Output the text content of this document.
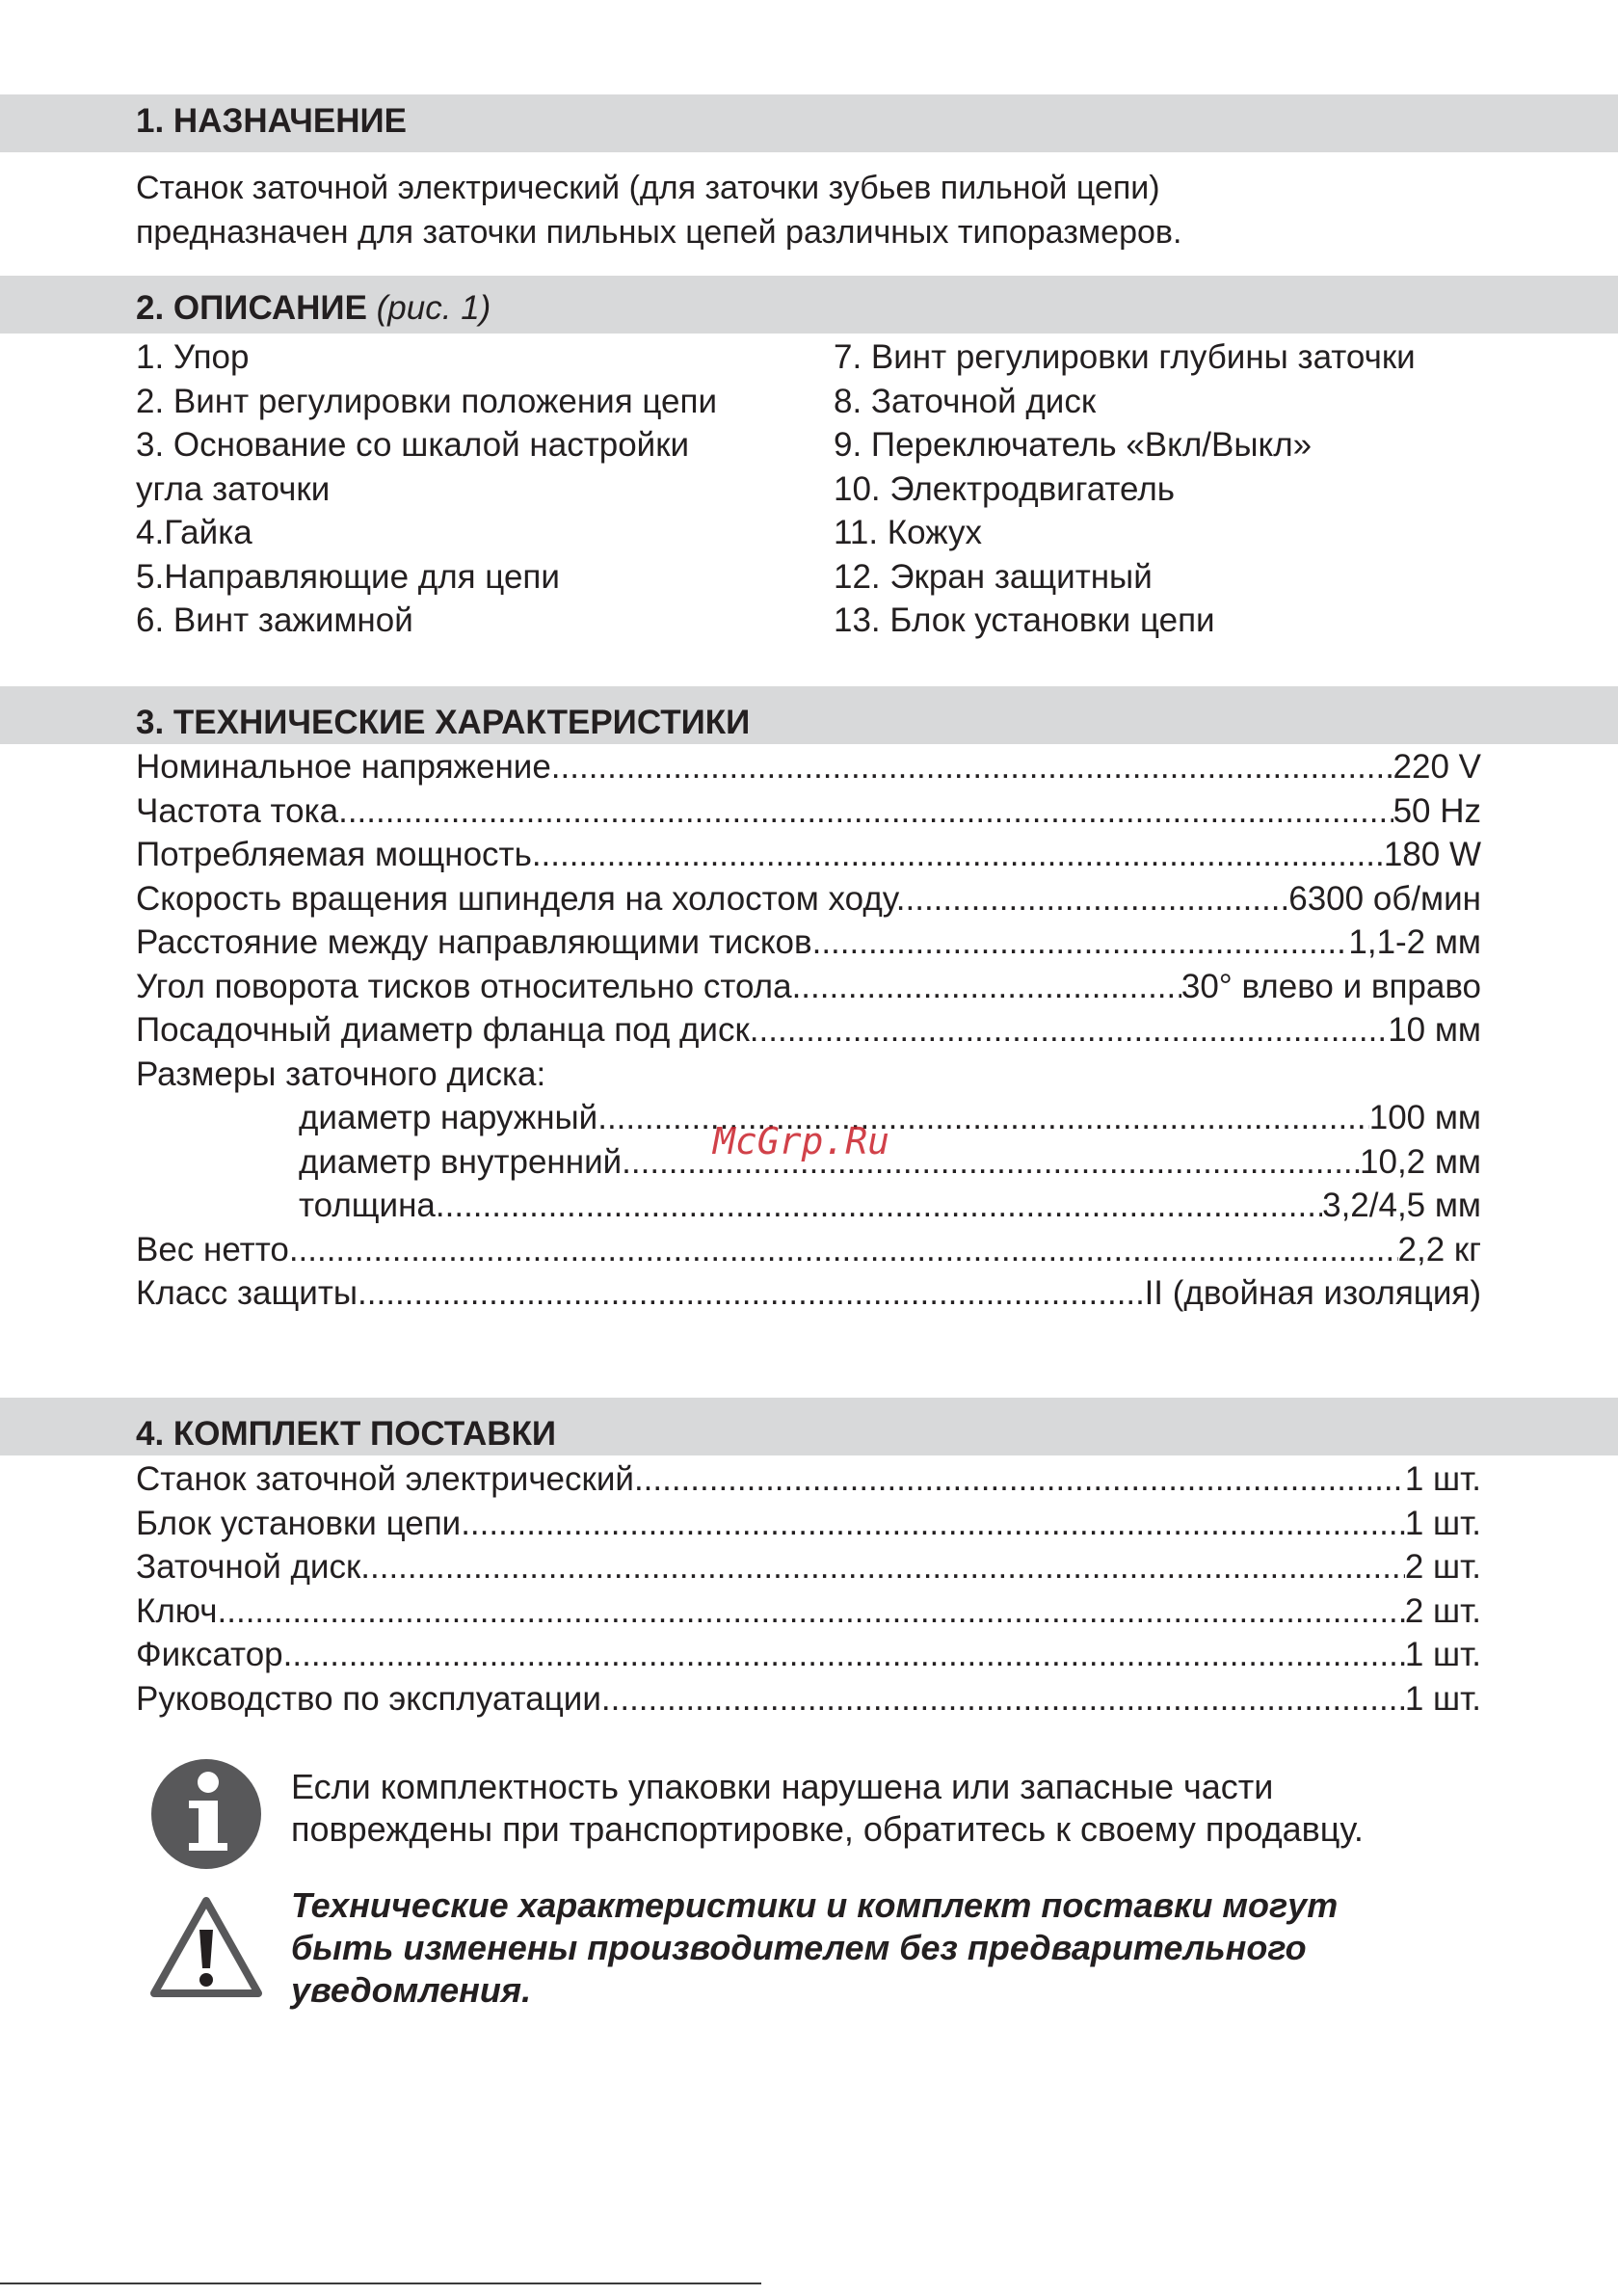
1. НАЗНАЧЕНИЕ
Станок заточной электрический (для заточки зубьев пильной цепи)
предназначен для заточки пильных цепей различных типоразмеров.
2. ОПИСАНИЕ (рис. 1)
1. Упор
2. Винт регулировки положения цепи
3. Основание со шкалой настройки
угла заточки
4.Гайка
5.Направляющие для цепи
6. Винт зажимной
7. Винт регулировки глубины заточки
8. Заточной диск
9. Переключатель «Вкл/Выкл»
10. Электродвигатель
11. Кожух
12. Экран защитный
13. Блок установки цепи
3. ТЕХНИЧЕСКИЕ ХАРАКТЕРИСТИКИ
Номинальное напряжение .....	220 V
Частота тока .....	50 Hz
Потребляемая мощность .....	180 W
Скорость вращения шпинделя на холостом ходу. .....	6300 об/мин
Расстояние между направляющими тисков .....	1,1-2 мм
Угол поворота тисков относительно стола .....	30° влево и вправо
Посадочный диаметр фланца под диск .....	10 мм
Размеры заточного диска:
диаметр наружный .....	100 мм
диаметр внутренний .....	10,2 мм
толщина .....	3,2/4,5 мм
Вес нетто .....	2,2 кг
Класс защиты .....	II (двойная изоляция)
McGrp.Ru
4. КОМПЛЕКТ ПОСТАВКИ
Станок заточной электрический .....	1 шт.
Блок установки цепи .....	1 шт.
Заточной диск .....	2 шт.
Ключ .....	2 шт.
Фиксатор .....	1 шт.
Руководство по эксплуатации .....	1 шт.
Если комплектность упаковки нарушена или запасные части
повреждены при транспортировке, обратитесь к своему продавцу.
Технические характеристики и комплект поставки могут
быть изменены производителем без предварительного
уведомления.
